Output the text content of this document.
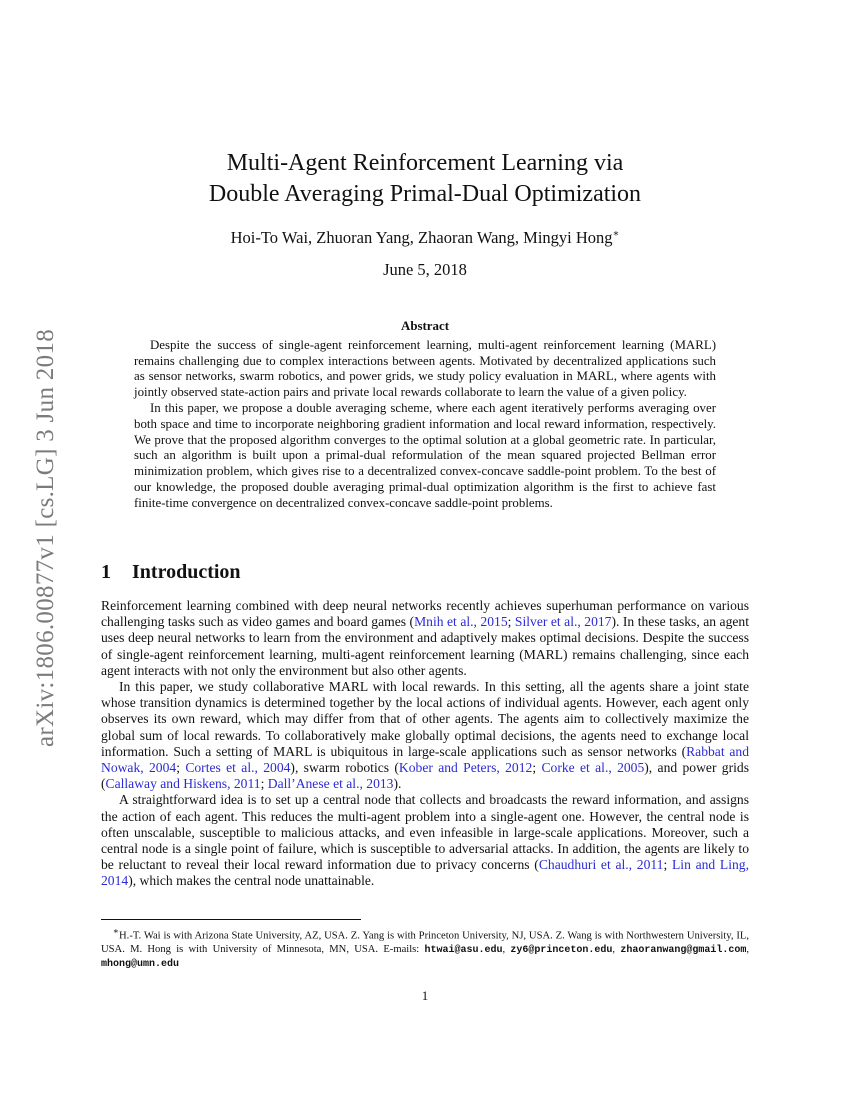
arXiv:1806.00877v1 [cs.LG] 3 Jun 2018
Multi-Agent Reinforcement Learning via
Double Averaging Primal-Dual Optimization
Hoi-To Wai, Zhuoran Yang, Zhaoran Wang, Mingyi Hong∗
June 5, 2018
Abstract

Despite the success of single-agent reinforcement learning, multi-agent reinforcement learning (MARL) remains challenging due to complex interactions between agents. Motivated by decentralized applications such as sensor networks, swarm robotics, and power grids, we study policy evaluation in MARL, where agents with jointly observed state-action pairs and private local rewards collaborate to learn the value of a given policy.

In this paper, we propose a double averaging scheme, where each agent iteratively performs averaging over both space and time to incorporate neighboring gradient information and local reward information, respectively. We prove that the proposed algorithm converges to the optimal solution at a global geometric rate. In particular, such an algorithm is built upon a primal-dual reformulation of the mean squared projected Bellman error minimization problem, which gives rise to a decentralized convex-concave saddle-point problem. To the best of our knowledge, the proposed double averaging primal-dual optimization algorithm is the first to achieve fast finite-time convergence on decentralized convex-concave saddle-point problems.

1 Introduction

Reinforcement learning combined with deep neural networks recently achieves superhuman performance on various challenging tasks such as video games and board games (Mnih et al., 2015; Silver et al., 2017). In these tasks, an agent uses deep neural networks to learn from the environment and adaptively makes optimal decisions. Despite the success of single-agent reinforcement learning, multi-agent reinforcement learning (MARL) remains challenging, since each agent interacts with not only the environment but also other agents.

In this paper, we study collaborative MARL with local rewards. In this setting, all the agents share a joint state whose transition dynamics is determined together by the local actions of individual agents. However, each agent only observes its own reward, which may differ from that of other agents. The agents aim to collectively maximize the global sum of local rewards. To collaboratively make globally optimal decisions, the agents need to exchange local information. Such a setting of MARL is ubiquitous in large-scale applications such as sensor networks (Rabbat and Nowak, 2004; Cortes et al., 2004), swarm robotics (Kober and Peters, 2012; Corke et al., 2005), and power grids (Callaway and Hiskens, 2011; Dall’Anese et al., 2013).

A straightforward idea is to set up a central node that collects and broadcasts the reward information, and assigns the action of each agent. This reduces the multi-agent problem into a single-agent one. However, the central node is often unscalable, susceptible to malicious attacks, and even infeasible in large-scale applications. Moreover, such a central node is a single point of failure, which is susceptible to adversarial attacks. In addition, the agents are likely to be reluctant to reveal their local reward information due to privacy concerns (Chaudhuri et al., 2011; Lin and Ling, 2014), which makes the central node unattainable.

∗H.-T. Wai is with Arizona State University, AZ, USA. Z. Yang is with Princeton University, NJ, USA. Z. Wang is with Northwestern University, IL, USA. M. Hong is with University of Minnesota, MN, USA. E-mails: htwai@asu.edu, zy6@princeton.edu, zhaoranwang@gmail.com, mhong@umn.edu
1
